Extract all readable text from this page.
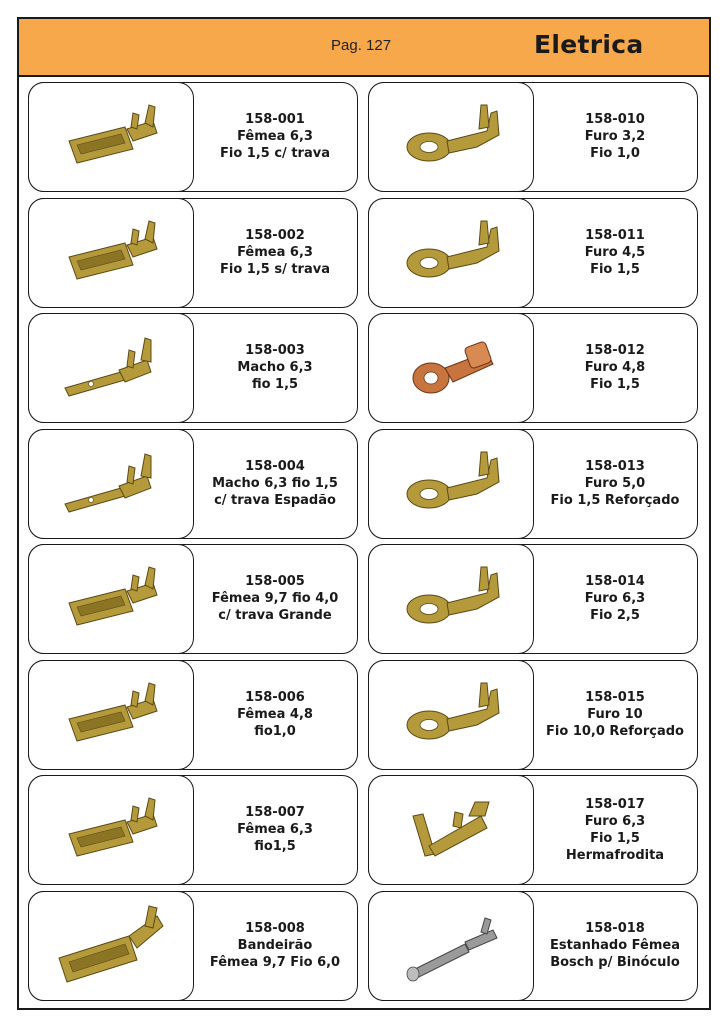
Pag. 127	Eletrica
158-001
Fêmea 6,3
Fio 1,5 c/ trava
158-010
Furo 3,2
Fio 1,0
158-002
Fêmea 6,3
Fio 1,5 s/ trava
158-011
Furo 4,5
Fio 1,5
158-003
Macho 6,3
fio 1,5
158-012
Furo 4,8
Fio 1,5
158-004
Macho 6,3 fio 1,5
c/ trava Espadão
158-013
Furo 5,0
Fio 1,5 Reforçado
158-005
Fêmea 9,7 fio 4,0
c/ trava Grande
158-014
Furo 6,3
Fio 2,5
158-006
Fêmea 4,8
fio1,0
158-015
Furo 10
Fio 10,0 Reforçado
158-007
Fêmea 6,3
fio1,5
158-017
Furo 6,3
Fio 1,5
Hermafrodita
158-008
Bandeirão
Fêmea 9,7 Fio 6,0
158-018
Estanhado Fêmea
Bosch p/ Binóculo
